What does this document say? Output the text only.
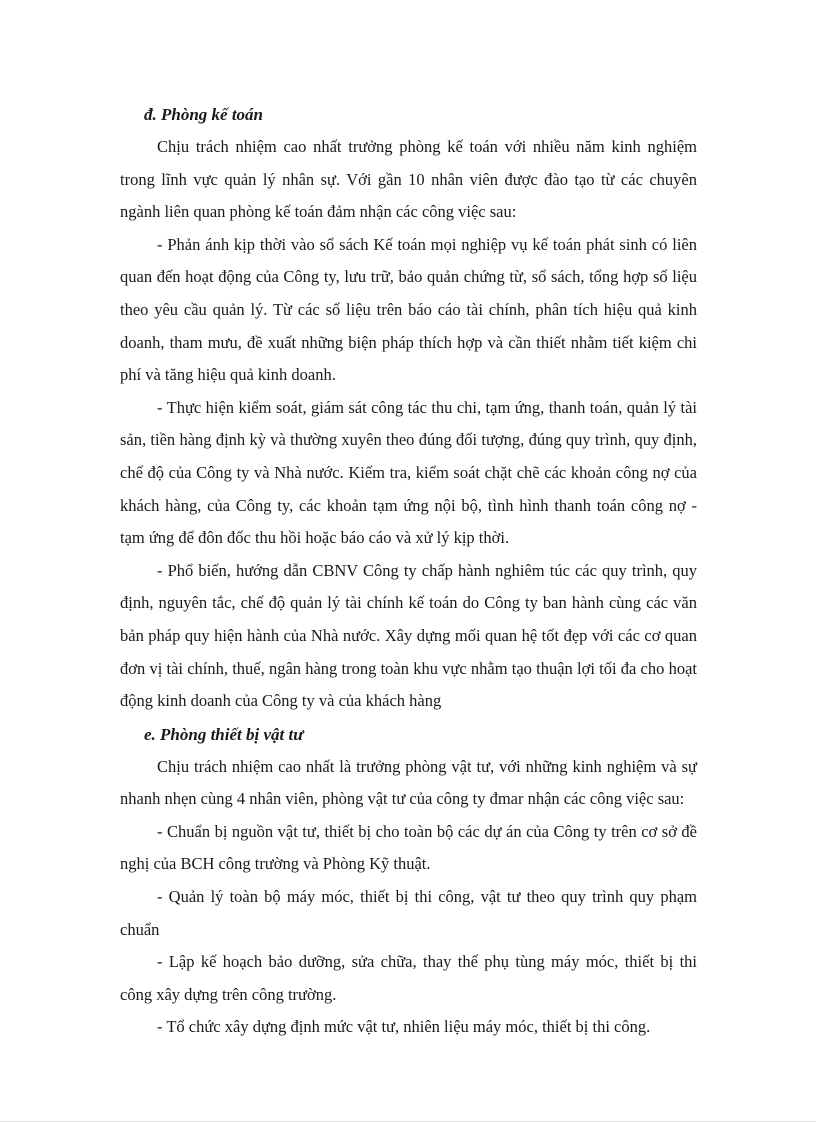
đ. Phòng kế toán

Chịu trách nhiệm cao nhất trưởng phòng kế toán với nhiều năm kinh nghiệm trong lĩnh vực quản lý nhân sự. Với gần 10 nhân viên được đào tạo từ các chuyên ngành liên quan phòng kế toán đảm nhận các công việc sau:

- Phản ánh kịp thời vào sổ sách Kế toán mọi nghiệp vụ kế toán phát sinh có liên quan đến hoạt động của Công ty, lưu trữ, bảo quản chứng từ, sổ sách, tổng hợp số liệu theo yêu cầu quản lý. Từ các số liệu trên báo cáo tài chính, phân tích hiệu quả kinh doanh, tham mưu, đề xuất những biện pháp thích hợp và cần thiết nhằm tiết kiệm chi phí và tăng hiệu quả kinh doanh.

- Thực hiện kiểm soát, giám sát công tác thu chi, tạm ứng, thanh toán, quản lý tài sản, tiền hàng định kỳ và thường xuyên theo đúng đối tượng, đúng quy trình, quy định, chế độ của Công ty và Nhà nước. Kiểm tra, kiểm soát chặt chẽ các khoản công nợ của khách hàng, của Công ty, các khoản tạm ứng nội bộ, tình hình thanh toán công nợ - tạm ứng để đôn đốc thu hồi hoặc báo cáo và xử lý kịp thời.

- Phổ biến, hướng dẫn CBNV Công ty chấp hành nghiêm túc các quy trình, quy định, nguyên tắc, chế độ quản lý tài chính kế toán do Công ty ban hành cùng các văn bản pháp quy hiện hành của Nhà nước. Xây dựng mối quan hệ tốt đẹp với các cơ quan đơn vị tài chính, thuế, ngân hàng trong toàn khu vực nhằm tạo thuận lợi tối đa cho hoạt động kinh doanh của Công ty và của khách hàng

e. Phòng thiết bị vật tư

Chịu trách nhiệm cao nhất là trưởng phòng vật tư, với những kinh nghiệm và sự nhanh nhẹn cùng 4 nhân viên, phòng vật tư của công ty đmar nhận các công việc sau:

- Chuẩn bị nguồn vật tư, thiết bị cho toàn bộ các dự án của Công ty trên cơ sở đề nghị của BCH công trường và Phòng Kỹ thuật.

- Quản lý toàn bộ máy móc, thiết bị thi công, vật tư theo quy trình quy phạm chuẩn

- Lập kế hoạch bảo dưỡng, sửa chữa, thay thế phụ tùng máy móc, thiết bị thi công xây dựng trên công trường.

- Tổ chức xây dựng định mức vật tư, nhiên liệu máy móc, thiết bị thi công.
